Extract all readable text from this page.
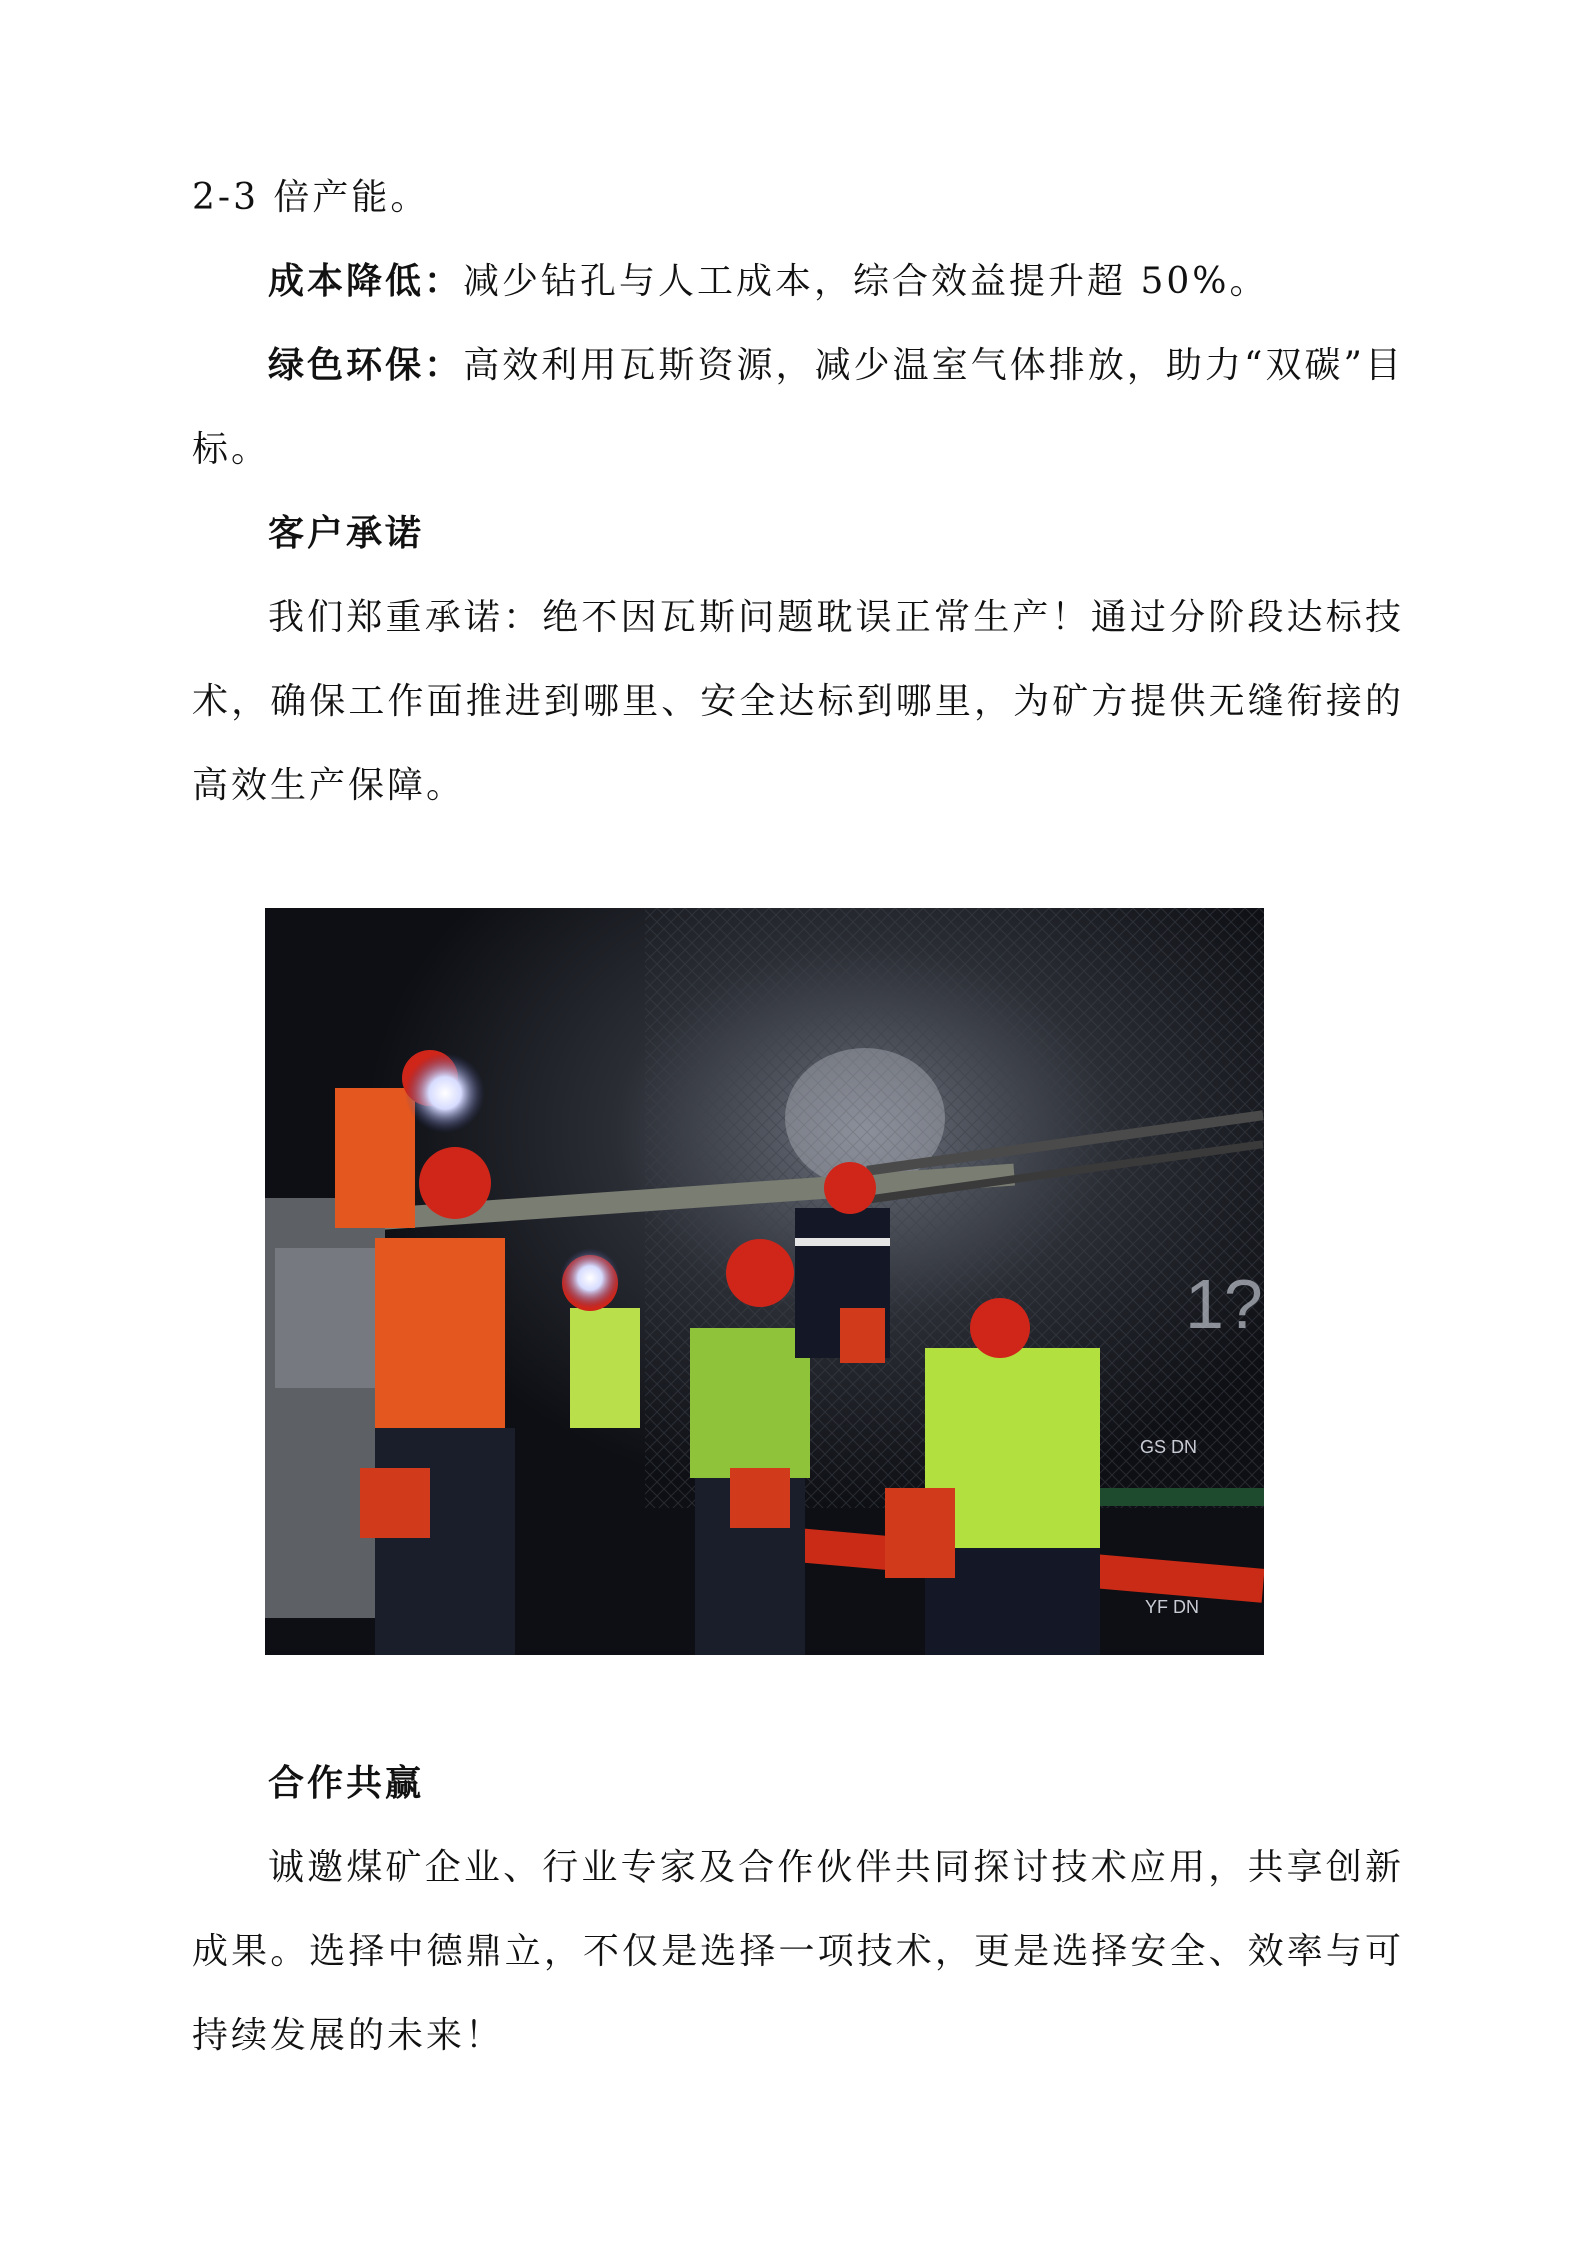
2-3 倍产能。

成本降低：减少钻孔与人工成本，综合效益提升超 50%。

绿色环保：高效利用瓦斯资源，减少温室气体排放，助力“双碳”目标。

客户承诺

我们郑重承诺：绝不因瓦斯问题耽误正常生产！通过分阶段达标技术，确保工作面推进到哪里、安全达标到哪里，为矿方提供无缝衔接的高效生产保障。

GS DN
YF DN
1?
合作共赢

诚邀煤矿企业、行业专家及合作伙伴共同探讨技术应用，共享创新成果。选择中德鼎立，不仅是选择一项技术，更是选择安全、效率与可持续发展的未来！
